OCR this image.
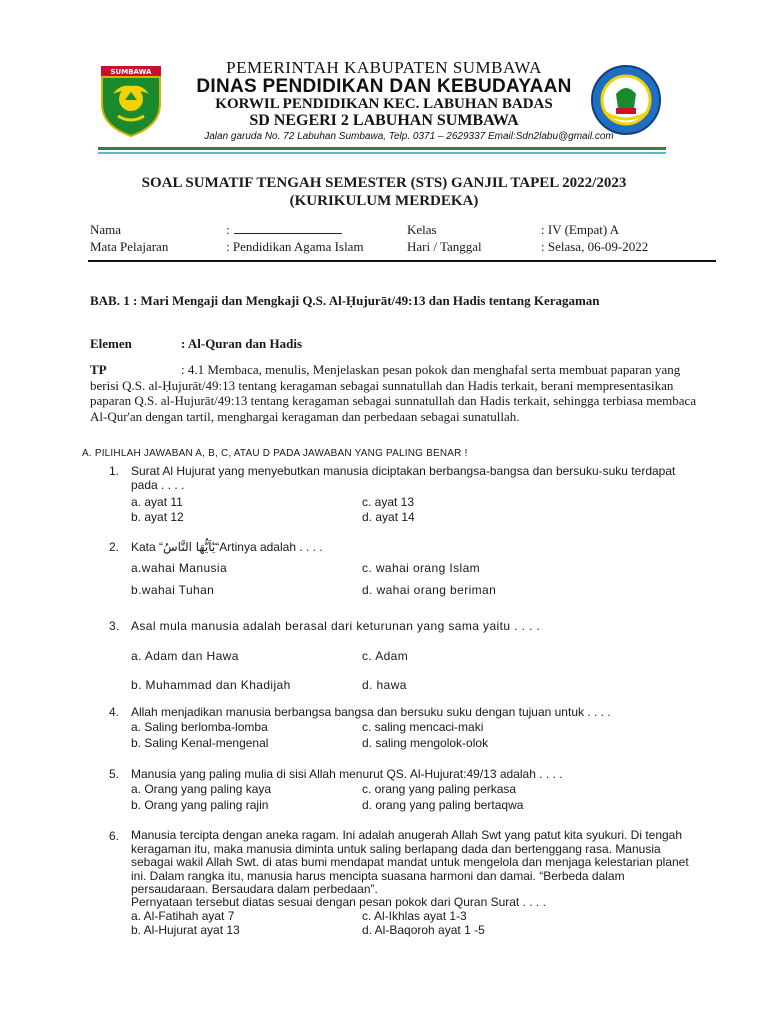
SUMBAWA	PEMERINTAH KABUPATEN SUMBAWA
DINAS PENDIDIKAN DAN KEBUDAYAAN
KORWIL PENDIDIKAN KEC. LABUHAN BADAS
SD NEGERI 2 LABUHAN SUMBAWA
Jalan garuda No. 72 Labuhan Sumbawa, Telp. 0371 – 2629337 Email:Sdn2labu@gmail.com
SOAL SUMATIF TENGAH SEMESTER (STS) GANJIL TAPEL 2022/2023
(KURIKULUM MERDEKA)
Nama	:	Kelas	: IV (Empat) A
Mata Pelajaran	: Pendidikan Agama Islam	Hari / Tanggal	: Selasa, 06-09-2022
BAB. 1 : Mari Mengaji dan Mengkaji Q.S. Al-Ḥujurāt/49:13 dan Hadis tentang Keragaman
Elemen	: Al-Quran dan Hadis
TP	: 4.1 Membaca, menulis, Menjelaskan pesan pokok dan menghafal serta membuat paparan yang berisi Q.S. al-Ḥujurāt/49:13 tentang keragaman sebagai sunnatullah dan Hadis terkait, berani mempresentasikan paparan Q.S. al-Hujurāt/49:13 tentang keragaman sebagai sunnatullah dan Hadis terkait, sehingga terbiasa membaca Al-Qur'an dengan tartil, menghargai keragaman dan perbedaan sebagai sunatullah.
A. PILIHLAH JAWABAN A, B, C, ATAU D PADA JAWABAN YANG PALING BENAR !
1. Surat Al Hujurat yang menyebutkan manusia diciptakan berbangsa-bangsa dan bersuku-suku terdapat pada . . . .
a. ayat 11	c. ayat 13
b. ayat 12	d. ayat 14
2. Kata “يٰٓاَيُّهَا النَّاسُ“Artinya adalah . . . .
a.wahai Manusia	c. wahai orang Islam
b.wahai Tuhan	d. wahai orang beriman
3. Asal mula manusia adalah berasal dari keturunan yang sama yaitu . . . .
a. Adam dan Hawa	c. Adam
b. Muhammad dan Khadijah	d. hawa
4. Allah menjadikan manusia berbangsa bangsa dan bersuku suku dengan tujuan untuk . . . .
a. Saling berlomba-lomba	c. saling mencaci-maki
b. Saling Kenal-mengenal	d. saling mengolok-olok
5. Manusia yang paling mulia di sisi Allah menurut QS. Al-Hujurat:49/13 adalah . . . .
a. Orang yang paling kaya	c. orang yang paling perkasa
b. Orang yang paling rajin	d. orang yang paling bertaqwa
6. Manusia tercipta dengan aneka ragam. Ini adalah anugerah Allah Swt yang patut kita syukuri. Di tengah keragaman itu, maka manusia diminta untuk saling berlapang dada dan bertenggang rasa. Manusia sebagai wakil Allah Swt. di atas bumi mendapat mandat untuk mengelola dan menjaga kelestarian planet ini. Dalam rangka itu, manusia harus mencipta suasana harmoni dan damai. “Berbeda dalam persaudaraan. Bersaudara dalam perbedaan”.
Pernyataan tersebut diatas sesuai dengan pesan pokok dari Quran Surat . . . .
a. Al-Fatihah ayat 7	c. Al-Ikhlas ayat 1-3
b. Al-Hujurat ayat 13	d. Al-Baqoroh ayat 1 -5
